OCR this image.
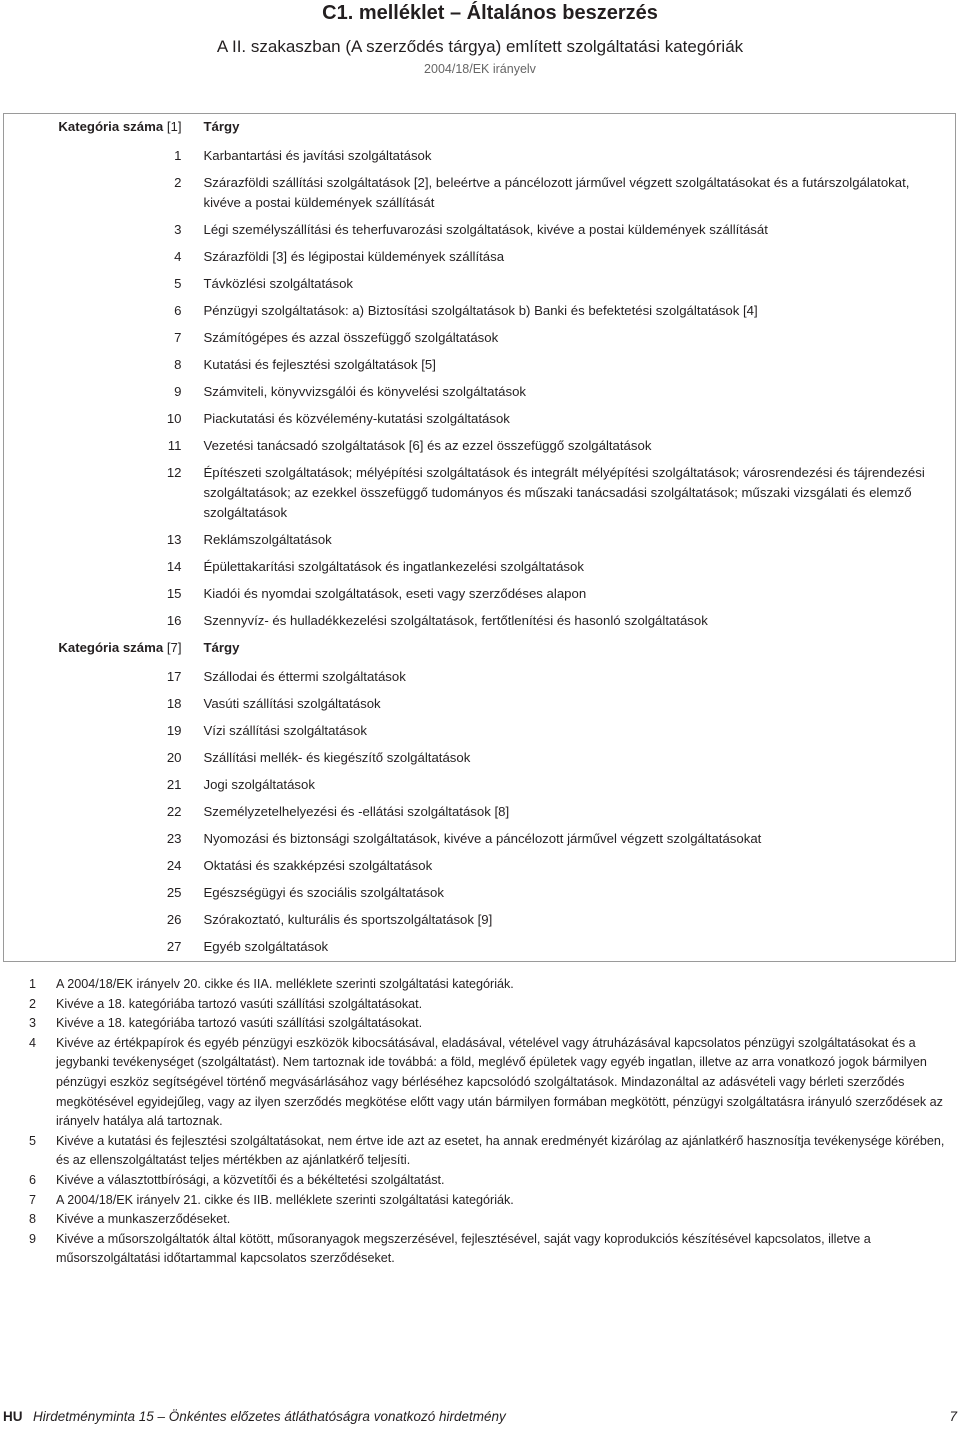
C1. melléklet – Általános beszerzés
A II. szakaszban (A szerződés tárgya) említett szolgáltatási kategóriák
2004/18/EK irányelv
Kategória száma [1]	Tárgy
1	Karbantartási és javítási szolgáltatások
2	Szárazföldi szállítási szolgáltatások [2], beleértve a páncélozott járművel végzett szolgáltatásokat és a futárszolgálatokat, kivéve a postai küldemények szállítását
3	Légi személyszállítási és teherfuvarozási szolgáltatások, kivéve a postai küldemények szállítását
4	Szárazföldi [3] és légipostai küldemények szállítása
5	Távközlési szolgáltatások
6	Pénzügyi szolgáltatások: a) Biztosítási szolgáltatások b) Banki és befektetési szolgáltatások [4]
7	Számítógépes és azzal összefüggő szolgáltatások
8	Kutatási és fejlesztési szolgáltatások [5]
9	Számviteli, könyvvizsgálói és könyvelési szolgáltatások
10	Piackutatási és közvélemény-kutatási szolgáltatások
11	Vezetési tanácsadó szolgáltatások [6] és az ezzel összefüggő szolgáltatások
12	Építészeti szolgáltatások; mélyépítési szolgáltatások és integrált mélyépítési szolgáltatások; városrendezési és tájrendezési szolgáltatások; az ezekkel összefüggő tudományos és műszaki tanácsadási szolgáltatások; műszaki vizsgálati és elemző szolgáltatások
13	Reklámszolgáltatások
14	Épülettakarítási szolgáltatások és ingatlankezelési szolgáltatások
15	Kiadói és nyomdai szolgáltatások, eseti vagy szerződéses alapon
16	Szennyvíz- és hulladékkezelési szolgáltatások, fertőtlenítési és hasonló szolgáltatások
Kategória száma [7]	Tárgy
17	Szállodai és éttermi szolgáltatások
18	Vasúti szállítási szolgáltatások
19	Vízi szállítási szolgáltatások
20	Szállítási mellék- és kiegészítő szolgáltatások
21	Jogi szolgáltatások
22	Személyzetelhelyezési és -ellátási szolgáltatások [8]
23	Nyomozási és biztonsági szolgáltatások, kivéve a páncélozott járművel végzett szolgáltatásokat
24	Oktatási és szakképzési szolgáltatások
25	Egészségügyi és szociális szolgáltatások
26	Szórakoztató, kulturális és sportszolgáltatások [9]
27	Egyéb szolgáltatások
1	A 2004/18/EK irányelv 20. cikke és IIA. melléklete szerinti szolgáltatási kategóriák.
2	Kivéve a 18. kategóriába tartozó vasúti szállítási szolgáltatásokat.
3	Kivéve a 18. kategóriába tartozó vasúti szállítási szolgáltatásokat.
4	Kivéve az értékpapírok és egyéb pénzügyi eszközök kibocsátásával, eladásával, vételével vagy átruházásával kapcsolatos pénzügyi szolgáltatásokat és a jegybanki tevékenységet (szolgáltatást). Nem tartoznak ide továbbá: a föld, meglévő épületek vagy egyéb ingatlan, illetve az arra vonatkozó jogok bármilyen pénzügyi eszköz segítségével történő megvásárlásához vagy bérléséhez kapcsolódó szolgáltatások. Mindazonáltal az adásvételi vagy bérleti szerződés megkötésével egyidejűleg, vagy az ilyen szerződés megkötése előtt vagy után bármilyen formában megkötött, pénzügyi szolgáltatásra irányuló szerződések az irányelv hatálya alá tartoznak.
5	Kivéve a kutatási és fejlesztési szolgáltatásokat, nem értve ide azt az esetet, ha annak eredményét kizárólag az ajánlatkérő hasznosítja tevékenysége körében, és az ellenszolgáltatást teljes mértékben az ajánlatkérő teljesíti.
6	Kivéve a választottbírósági, a közvetítői és a békéltetési szolgáltatást.
7	A 2004/18/EK irányelv 21. cikke és IIB. melléklete szerinti szolgáltatási kategóriák.
8	Kivéve a munkaszerződéseket.
9	Kivéve a műsorszolgáltatók által kötött, műsoranyagok megszerzésével, fejlesztésével, saját vagy koprodukciós készítésével kapcsolatos, illetve a műsorszolgáltatási időtartammal kapcsolatos szerződéseket.
HU Hirdetményminta 15 – Önkéntes előzetes átláthatóságra vonatkozó hirdetmény	7
